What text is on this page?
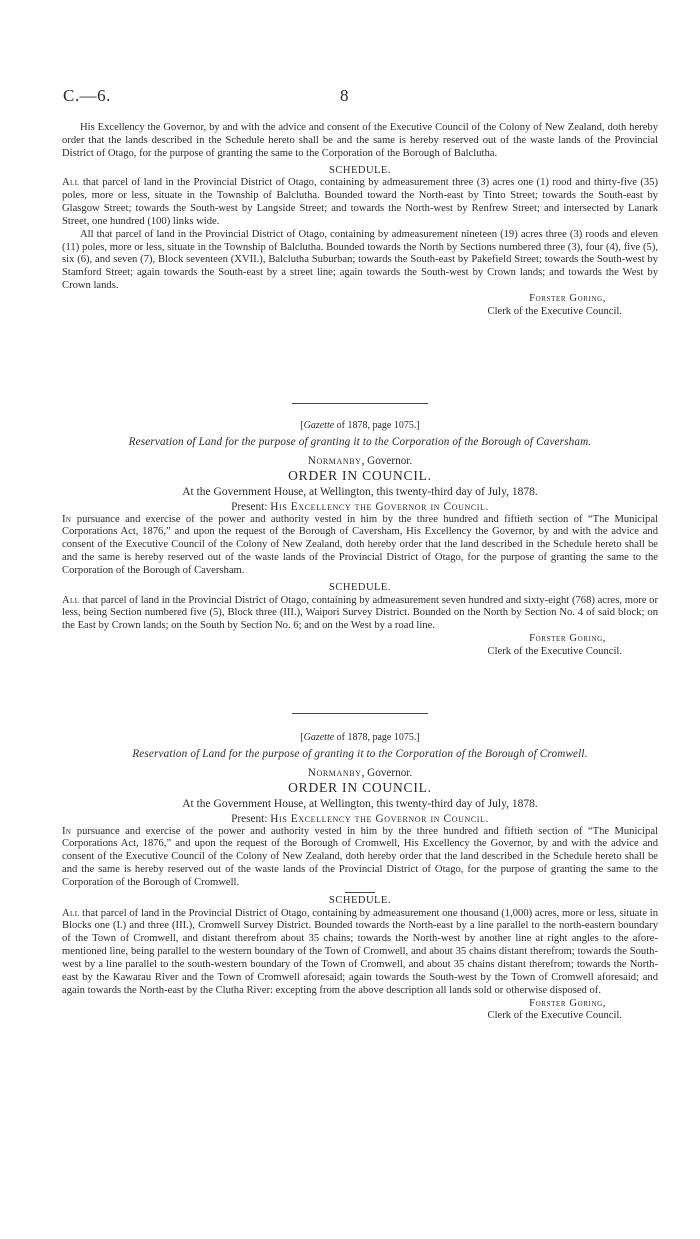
C.—6.	8

His Excellency the Governor, by and with the advice and consent of the Executive Council of the Colony of New Zealand, doth hereby order that the lands described in the Schedule hereto shall be and the same is hereby reserved out of the waste lands of the Provincial District of Otago, for the purpose of granting the same to the Corporation of the Borough of Balclutha.

SCHEDULE.

All that parcel of land in the Provincial District of Otago, containing by admeasurement three (3) acres one (1) rood and thirty-five (35) poles, more or less, situate in the Township of Balclutha. Bounded toward the North-east by Tinto Street; towards the South-east by Glasgow Street; towards the South-west by Langside Street; and towards the North-west by Renfrew Street; and intersected by Lanark Street, one hundred (100) links wide.

All that parcel of land in the Provincial District of Otago, containing by admeasurement nineteen (19) acres three (3) roods and eleven (11) poles, more or less, situate in the Township of Balclutha. Bounded towards the North by Sections numbered three (3), four (4), five (5), six (6), and seven (7), Block seventeen (XVII.), Balclutha Suburban; towards the South-east by Pakefield Street; towards the South-west by Stamford Street; again towards the South-east by a street line; again towards the South-west by Crown lands; and towards the West by Crown lands.

Forster Goring,

Clerk of the Executive Council.

[Gazette of 1878, page 1075.]

Reservation of Land for the purpose of granting it to the Corporation of the Borough of Caversham.

Normanby, Governor.

ORDER IN COUNCIL.

At the Government House, at Wellington, this twenty-third day of July, 1878.

Present: His Excellency the Governor in Council.

In pursuance and exercise of the power and authority vested in him by the three hundred and fiftieth section of “The Municipal Corporations Act, 1876,” and upon the request of the Borough of Caversham, His Excellency the Governor, by and with the advice and consent of the Executive Council of the Colony of New Zealand, doth hereby order that the land described in the Schedule hereto shall be and the same is hereby reserved out of the waste lands of the Provincial District of Otago, for the purpose of granting the same to the Corporation of the Borough of Caversham.

SCHEDULE.

All that parcel of land in the Provincial District of Otago, containing by admeasurement seven hundred and sixty-eight (768) acres, more or less, being Section numbered five (5), Block three (III.), Waipori Survey District. Bounded on the North by Section No. 4 of said block; on the East by Crown lands; on the South by Section No. 6; and on the West by a road line.

Forster Goring,

Clerk of the Executive Council.

[Gazette of 1878, page 1075.]

Reservation of Land for the purpose of granting it to the Corporation of the Borough of Cromwell.

Normanby, Governor.

ORDER IN COUNCIL.

At the Government House, at Wellington, this twenty-third day of July, 1878.

Present: His Excellency the Governor in Council.

In pursuance and exercise of the power and authority vested in him by the three hundred and fiftieth section of “The Municipal Corporations Act, 1876,” and upon the request of the Borough of Cromwell, His Excellency the Governor, by and with the advice and consent of the Executive Council of the Colony of New Zealand, doth hereby order that the land described in the Schedule hereto shall be and the same is hereby reserved out of the waste lands of the Provincial District of Otago, for the purpose of granting the same to the Corporation of the Borough of Cromwell.

SCHEDULE.

All that parcel of land in the Provincial District of Otago, containing by admeasurement one thousand (1,000) acres, more or less, situate in Blocks one (I.) and three (III.), Cromwell Survey District. Bounded towards the North-east by a line parallel to the north-eastern boundary of the Town of Cromwell, and distant therefrom about 35 chains; towards the North-west by another line at right angles to the afore-mentioned line, being parallel to the western boundary of the Town of Cromwell, and about 35 chains distant therefrom; towards the South-west by a line parallel to the south-western boundary of the Town of Cromwell, and about 35 chains distant therefrom; towards the North-east by the Kawarau River and the Town of Cromwell aforesaid; again towards the South-west by the Town of Cromwell aforesaid; and again towards the North-east by the Clutha River: excepting from the above description all lands sold or otherwise disposed of.

Forster Goring,

Clerk of the Executive Council.
